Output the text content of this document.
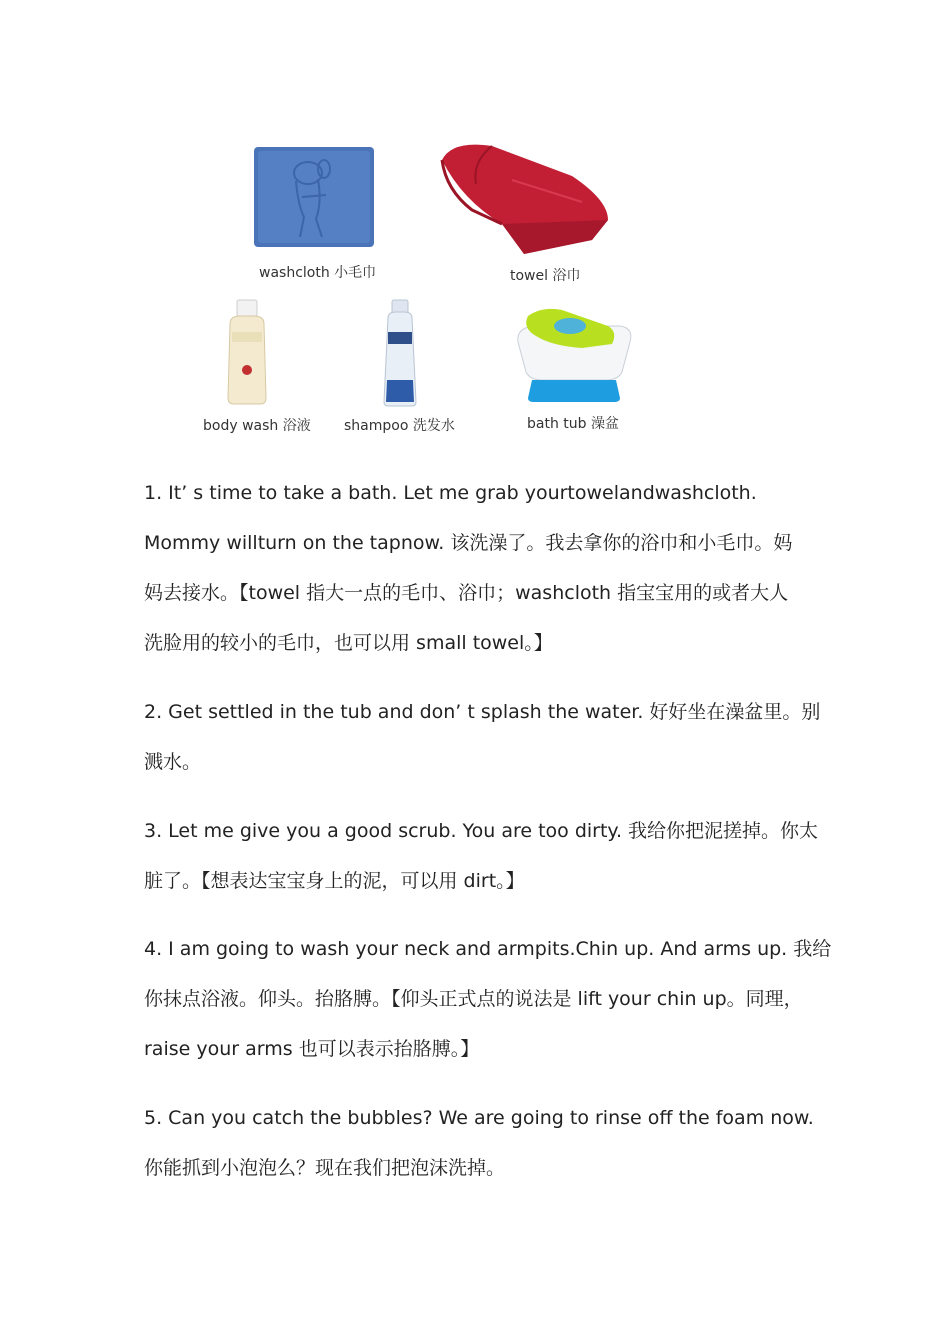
washcloth 小毛巾	towel 浴巾
body wash 浴液 shampoo 洗发水	bath tub 澡盆
1. It’ s time to take a bath. Let me grab yourtowelandwashcloth.
Mommy willturn on the tapnow. 该洗澡了。我去拿你的浴巾和小毛巾。妈
妈去接水。【towel 指大一点的毛巾、浴巾；washcloth 指宝宝用的或者大人
洗脸用的较小的毛巾，也可以用 small towel。】
2. Get settled in the tub and don’ t splash the water. 好好坐在澡盆里。别
溅水。
3. Let me give you a good scrub. You are too dirty. 我给你把泥搓掉。你太
脏了。【想表达宝宝身上的泥，可以用 dirt。】
4. I am going to wash your neck and armpits.Chin up. And arms up. 我给
你抹点浴液。仰头。抬胳膊。【仰头正式点的说法是 lift your chin up。同理，
raise your arms 也可以表示抬胳膊。】
5. Can you catch the bubbles? We are going to rinse off the foam now.
你能抓到小泡泡么？现在我们把泡沫洗掉。
